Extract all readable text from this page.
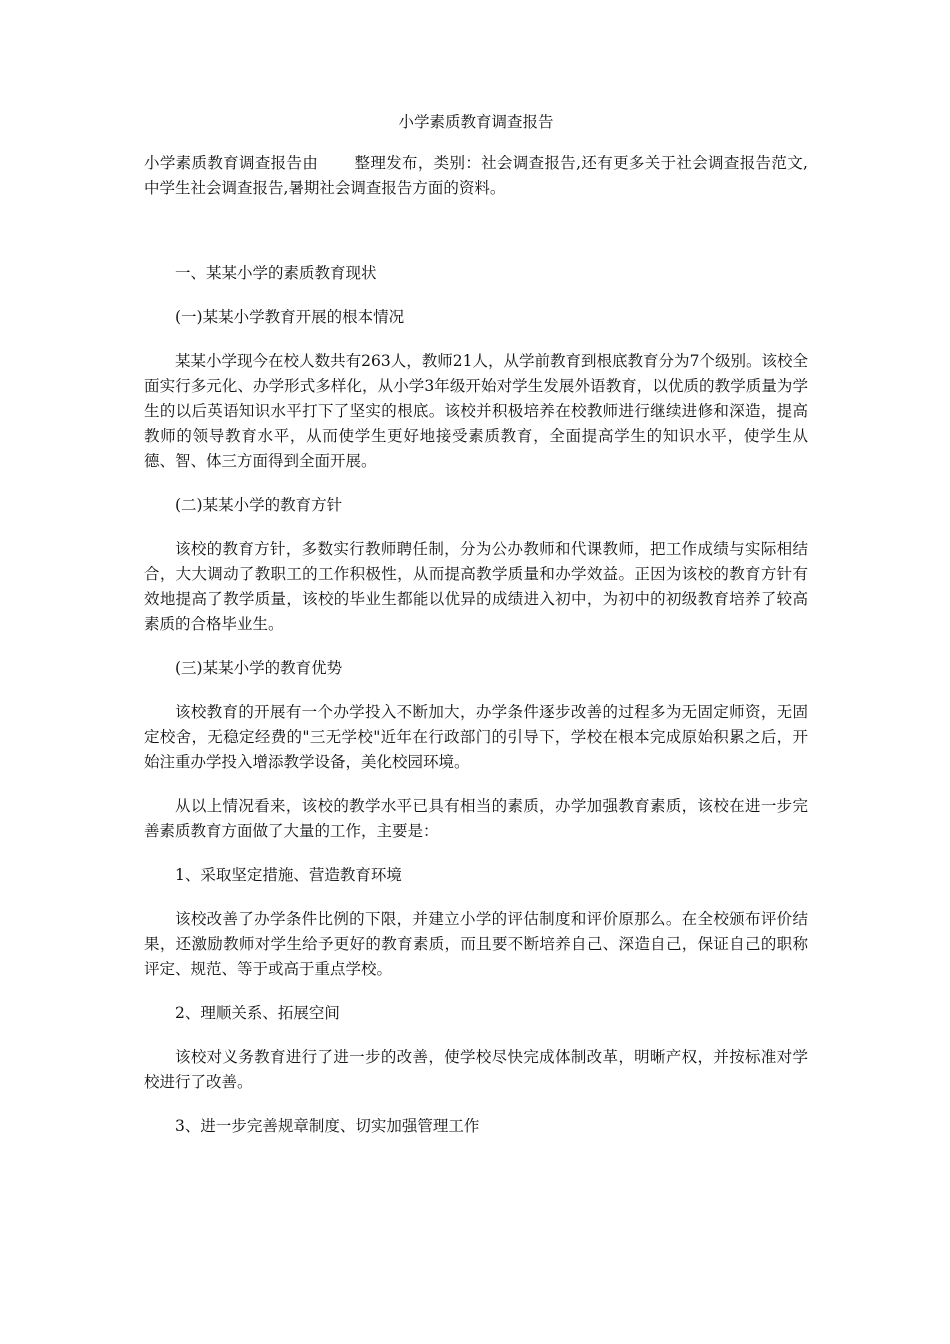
小学素质教育调查报告

小学素质教育调查报告由 整理发布，类别：社会调查报告,还有更多关于社会调查报告范文,中学生社会调查报告,暑期社会调查报告方面的资料。

一、某某小学的素质教育现状

(一)某某小学教育开展的根本情况

某某小学现今在校人数共有263人，教师21人，从学前教育到根底教育分为7个级别。该校全面实行多元化、办学形式多样化，从小学3年级开始对学生发展外语教育，以优质的教学质量为学生的以后英语知识水平打下了坚实的根底。该校并积极培养在校教师进行继续进修和深造，提高教师的领导教育水平，从而使学生更好地接受素质教育，全面提高学生的知识水平，使学生从德、智、体三方面得到全面开展。

(二)某某小学的教育方针

该校的教育方针，多数实行教师聘任制，分为公办教师和代课教师，把工作成绩与实际相结合，大大调动了教职工的工作积极性，从而提高教学质量和办学效益。正因为该校的教育方针有效地提高了教学质量，该校的毕业生都能以优异的成绩进入初中，为初中的初级教育培养了较高素质的合格毕业生。

(三)某某小学的教育优势

该校教育的开展有一个办学投入不断加大，办学条件逐步改善的过程多为无固定师资，无固定校舍，无稳定经费的"三无学校"近年在行政部门的引导下，学校在根本完成原始积累之后，开始注重办学投入增添教学设备，美化校园环境。

从以上情况看来，该校的教学水平已具有相当的素质，办学加强教育素质，该校在进一步完善素质教育方面做了大量的工作，主要是：

1、采取坚定措施、营造教育环境

该校改善了办学条件比例的下限，并建立小学的评估制度和评价原那么。在全校颁布评价结果，还激励教师对学生给予更好的教育素质，而且要不断培养自己、深造自己，保证自己的职称评定、规范、等于或高于重点学校。

2、理顺关系、拓展空间

该校对义务教育进行了进一步的改善，使学校尽快完成体制改革，明晰产权，并按标准对学校进行了改善。

3、进一步完善规章制度、切实加强管理工作
